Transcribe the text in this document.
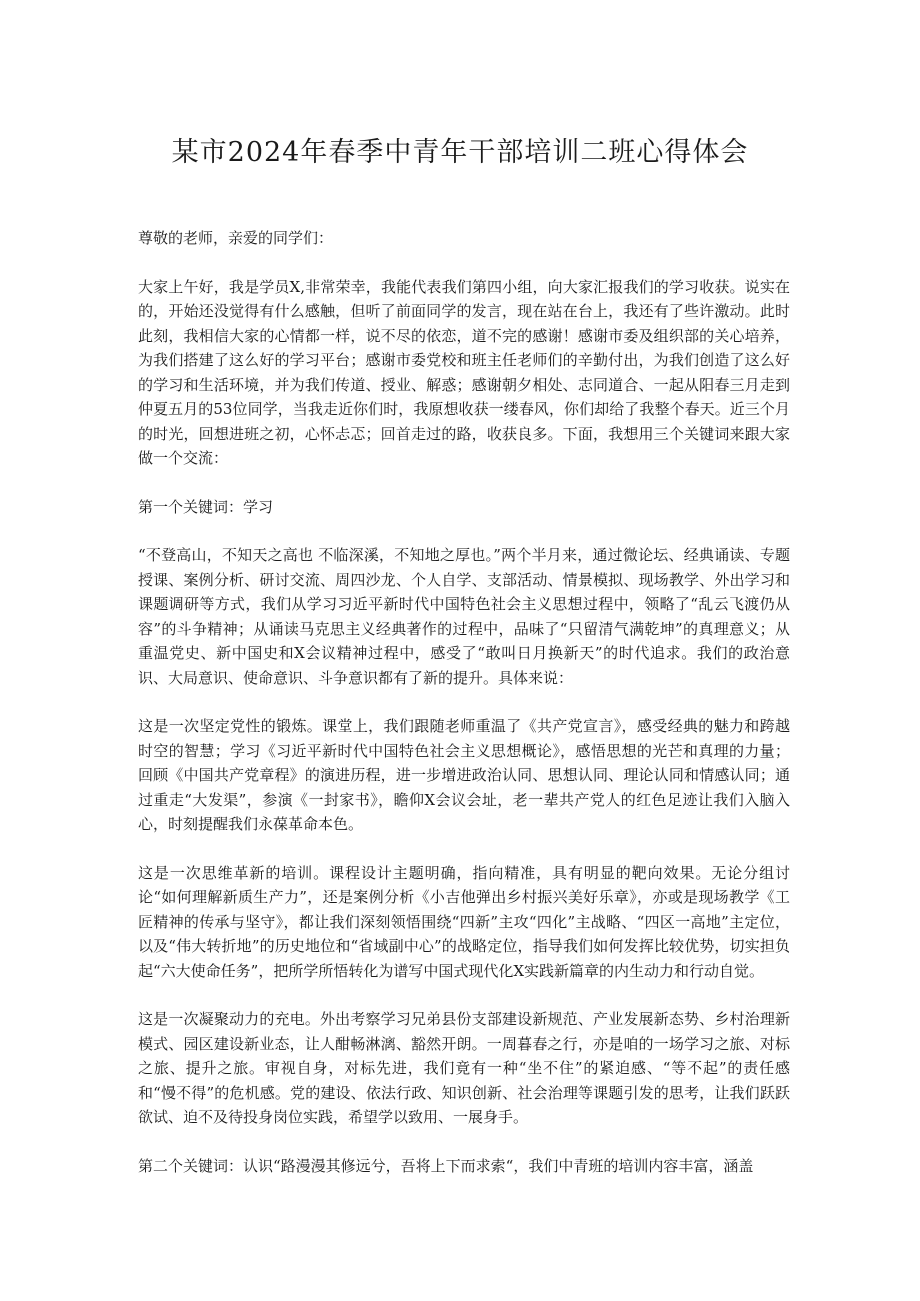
某市2024年春季中青年干部培训二班心得体会

尊敬的老师，亲爱的同学们：

大家上午好，我是学员X,非常荣幸，我能代表我们第四小组，向大家汇报我们的学习收获。说实在的，开始还没觉得有什么感触，但听了前面同学的发言，现在站在台上，我还有了些许激动。此时此刻，我相信大家的心情都一样，说不尽的依恋，道不完的感谢！感谢市委及组织部的关心培养，为我们搭建了这么好的学习平台；感谢市委党校和班主任老师们的辛勤付出，为我们创造了这么好的学习和生活环境，并为我们传道、授业、解惑；感谢朝夕相处、志同道合、一起从阳春三月走到仲夏五月的53位同学，当我走近你们时，我原想收获一缕春风，你们却给了我整个春天。近三个月的时光，回想进班之初，心怀忐忑；回首走过的路，收获良多。下面，我想用三个关键词来跟大家做一个交流：

第一个关键词：学习

“不登高山，不知天之高也 不临深溪，不知地之厚也。”两个半月来，通过微论坛、经典诵读、专题授课、案例分析、研讨交流、周四沙龙、个人自学、支部活动、情景模拟、现场教学、外出学习和课题调研等方式，我们从学习习近平新时代中国特色社会主义思想过程中，领略了“乱云飞渡仍从容”的斗争精神；从诵读马克思主义经典著作的过程中，品味了“只留清气满乾坤”的真理意义；从重温党史、新中国史和X会议精神过程中，感受了“敢叫日月换新天”的时代追求。我们的政治意识、大局意识、使命意识、斗争意识都有了新的提升。具体来说：

这是一次坚定党性的锻炼。课堂上，我们跟随老师重温了《共产党宣言》，感受经典的魅力和跨越时空的智慧；学习《习近平新时代中国特色社会主义思想概论》，感悟思想的光芒和真理的力量；回顾《中国共产党章程》的演进历程，进一步增进政治认同、思想认同、理论认同和情感认同；通过重走“大发渠”，参演《一封家书》，瞻仰X会议会址，老一辈共产党人的红色足迹让我们入脑入心，时刻提醒我们永葆革命本色。

这是一次思维革新的培训。课程设计主题明确，指向精准，具有明显的靶向效果。无论分组讨论“如何理解新质生产力”，还是案例分析《小吉他弹出乡村振兴美好乐章》，亦或是现场教学《工匠精神的传承与坚守》，都让我们深刻领悟围绕“四新”主攻“四化”主战略、“四区一高地”主定位，以及“伟大转折地”的历史地位和“省域副中心”的战略定位，指导我们如何发挥比较优势，切实担负起“六大使命任务”，把所学所悟转化为谱写中国式现代化X实践新篇章的内生动力和行动自觉。

这是一次凝聚动力的充电。外出考察学习兄弟县份支部建设新规范、产业发展新态势、乡村治理新模式、园区建设新业态，让人酣畅淋漓、豁然开朗。一周暮春之行，亦是咱的一场学习之旅、对标之旅、提升之旅。审视自身，对标先进，我们竟有一种“坐不住”的紧迫感、“等不起”的责任感和“慢不得”的危机感。党的建设、依法行政、知识创新、社会治理等课题引发的思考，让我们跃跃欲试、迫不及待投身岗位实践，希望学以致用、一展身手。

第二个关键词：认识“路漫漫其修远兮，吾将上下而求索“，我们中青班的培训内容丰富，涵盖
